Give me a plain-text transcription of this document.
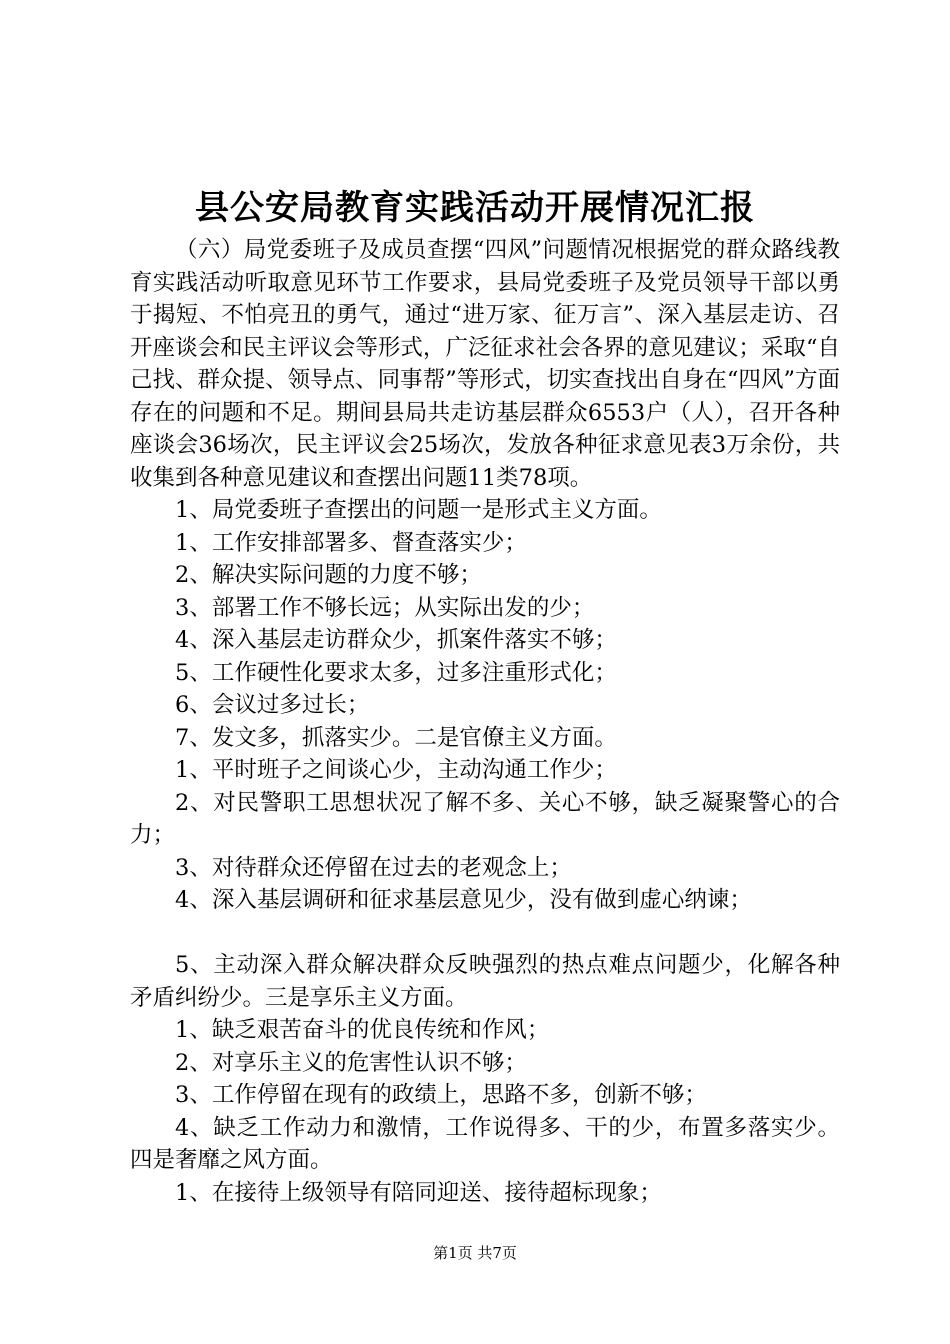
县公安局教育实践活动开展情况汇报

（六）局党委班子及成员查摆“四风”问题情况根据党的群众路线教育实践活动听取意见环节工作要求，县局党委班子及党员领导干部以勇于揭短、不怕亮丑的勇气，通过“进万家、征万言”、深入基层走访、召开座谈会和民主评议会等形式，广泛征求社会各界的意见建议；采取“自己找、群众提、领导点、同事帮”等形式，切实查找出自身在“四风”方面存在的问题和不足。期间县局共走访基层群众6553户（人），召开各种座谈会36场次，民主评议会25场次，发放各种征求意见表3万余份，共收集到各种意见建议和查摆出问题11类78项。

1、局党委班子查摆出的问题一是形式主义方面。

1、工作安排部署多、督查落实少；

2、解决实际问题的力度不够；

3、部署工作不够长远；从实际出发的少；

4、深入基层走访群众少，抓案件落实不够；

5、工作硬性化要求太多，过多注重形式化；

6、会议过多过长；

7、发文多，抓落实少。二是官僚主义方面。

1、平时班子之间谈心少，主动沟通工作少；

2、对民警职工思想状况了解不多、关心不够，缺乏凝聚警心的合力；

3、对待群众还停留在过去的老观念上；

4、深入基层调研和征求基层意见少，没有做到虚心纳谏；

5、主动深入群众解决群众反映强烈的热点难点问题少，化解各种矛盾纠纷少。三是享乐主义方面。

1、缺乏艰苦奋斗的优良传统和作风；

2、对享乐主义的危害性认识不够；

3、工作停留在现有的政绩上，思路不多，创新不够；

4、缺乏工作动力和激情，工作说得多、干的少，布置多落实少。四是奢靡之风方面。

1、在接待上级领导有陪同迎送、接待超标现象；

第1页 共7页
